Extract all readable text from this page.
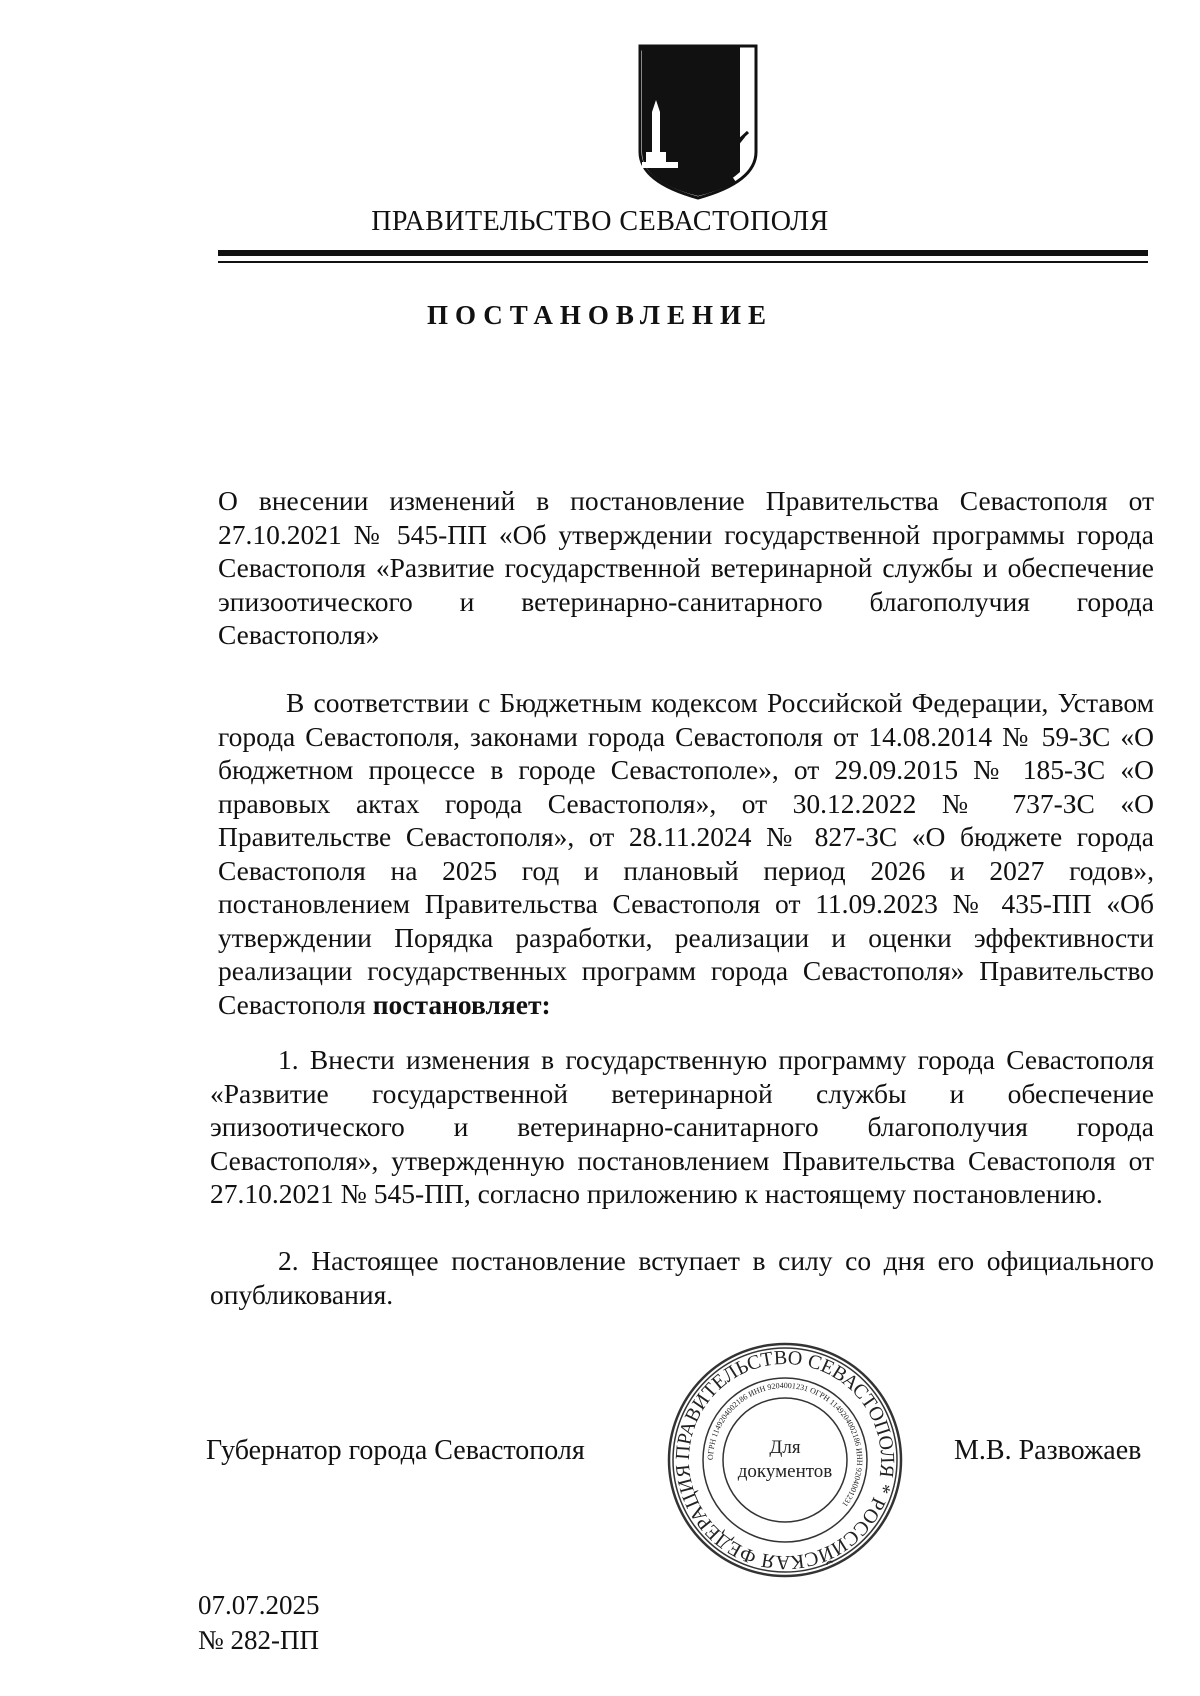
ПРАВИТЕЛЬСТВО СЕВАСТОПОЛЯ
ПОСТАНОВЛЕНИЕ
О внесении изменений в постановление Правительства Севастополя от 27.10.2021 № 545-ПП «Об утверждении государственной программы города Севастополя «Развитие государственной ветеринарной службы и обеспечение эпизоотического и ветеринарно-санитарного благополучия города Севастополя»
В соответствии с Бюджетным кодексом Российской Федерации, Уставом города Севастополя, законами города Севастополя от 14.08.2014 № 59-ЗС «О бюджетном процессе в городе Севастополе», от 29.09.2015 № 185-ЗС «О правовых актах города Севастополя», от 30.12.2022 № 737-ЗС «О Правительстве Севастополя», от 28.11.2024 № 827-ЗС «О бюджете города Севастополя на 2025 год и плановый период 2026 и 2027 годов», постановлением Правительства Севастополя от 11.09.2023 № 435-ПП «Об утверждении Порядка разработки, реализации и оценки эффективности реализации государственных программ города Севастополя» Правительство Севастополя постановляет:
1. Внести изменения в государственную программу города Севастополя «Развитие государственной ветеринарной службы и обеспечение эпизоотического и ветеринарно-санитарного благополучия города Севастополя», утвержденную постановлением Правительства Севастополя от 27.10.2021 № 545-ПП, согласно приложению к настоящему постановлению.
2. Настоящее постановление вступает в силу со дня его официального опубликования.
Губернатор города Севастополя	ПРАВИТЕЛЬСТВО СЕВАСТОПОЛЯ * РОССИЙСКАЯ ФЕДЕРАЦИЯ
ОГРН 1149204002186 ИНН 9204001231 ОГРН 1149204002186 ИНН 9204001231
Для
документов
М.В. Развожаев
07.07.2025
№ 282-ПП
